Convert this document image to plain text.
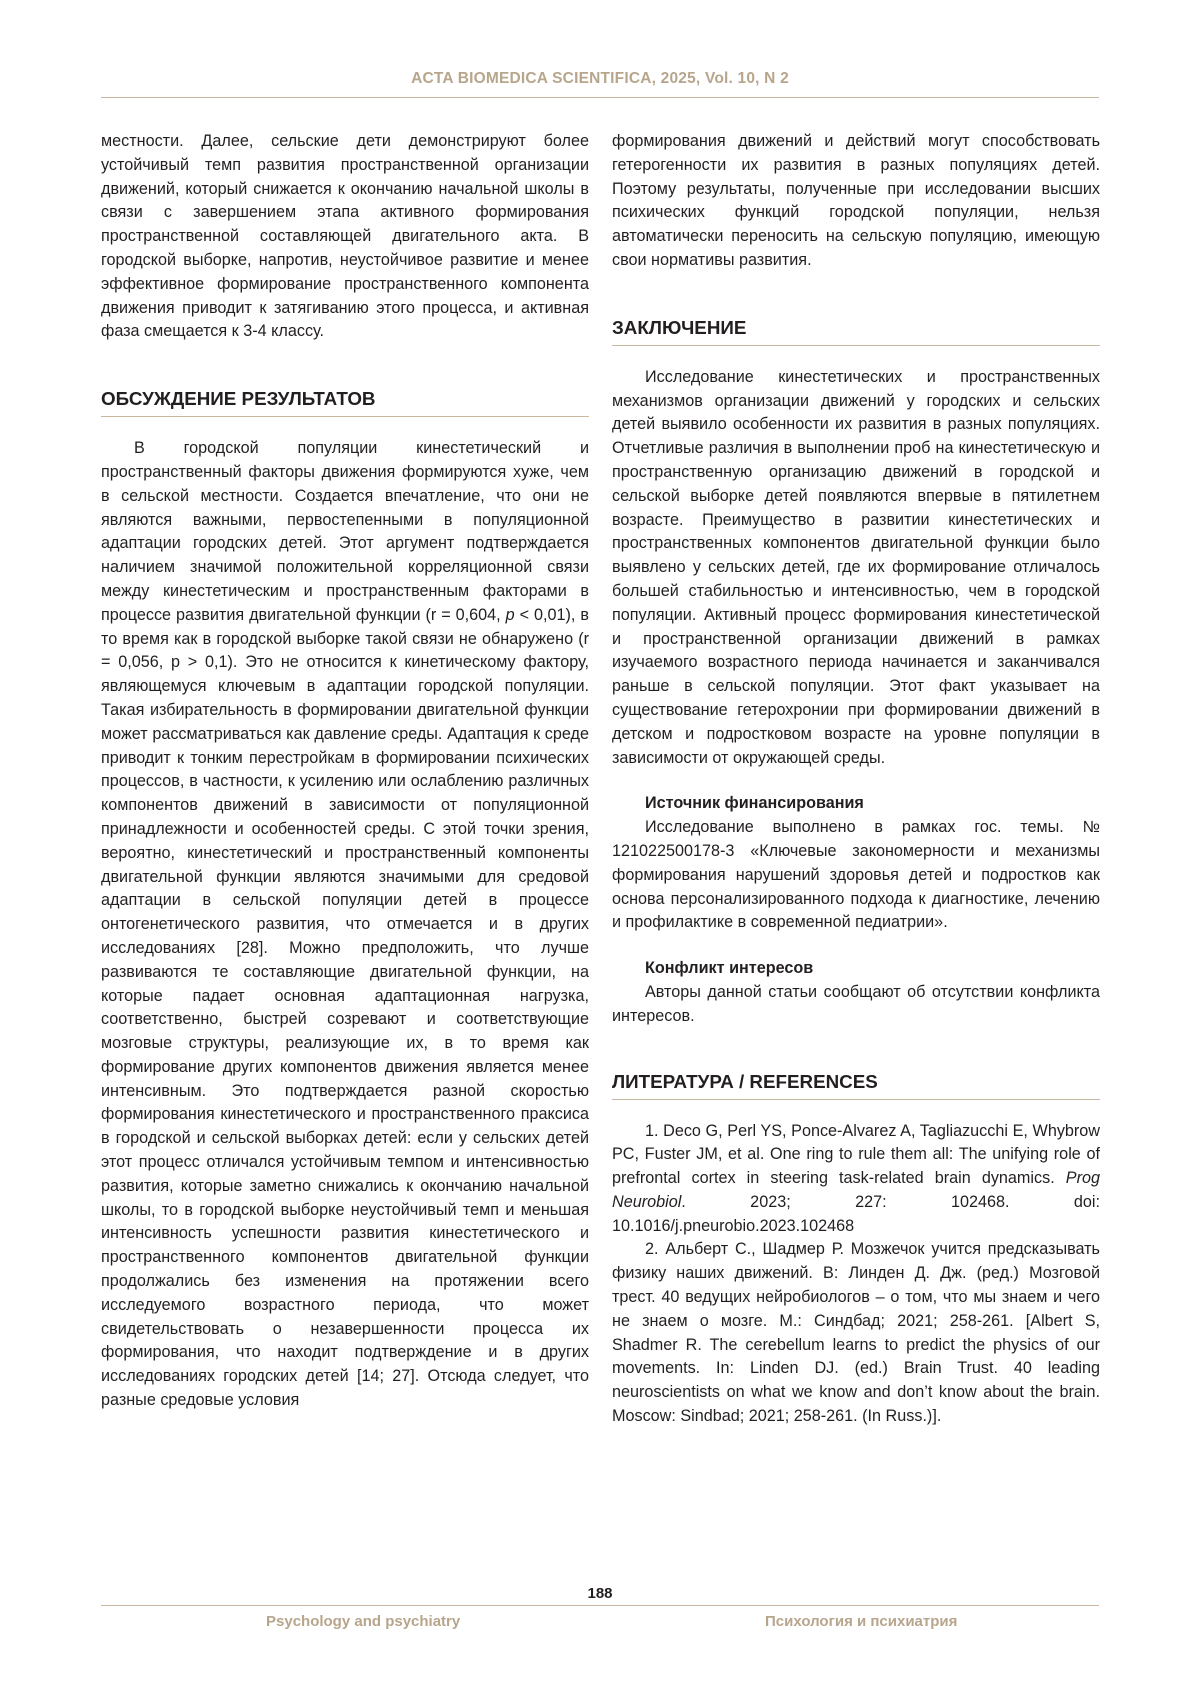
ACTA BIOMEDICA SCIENTIFICA, 2025, Vol. 10, N 2

местности. Далее, сельские дети демонстрируют более устойчивый темп развития пространственной организации движений, который снижается к окончанию начальной школы в связи с завершением этапа активного формирования пространственной составляющей двигательного акта. В городской выборке, напротив, неустойчивое развитие и менее эффективное формирование пространственного компонента движения приводит к затягиванию этого процесса, и активная фаза смещается к 3-4 классу.

ОБСУЖДЕНИЕ РЕЗУЛЬТАТОВ

В городской популяции кинестетический и пространственный факторы движения формируются хуже, чем в сельской местности. Создается впечатление, что они не являются важными, первостепенными в популяционной адаптации городских детей. Этот аргумент подтверждается наличием значимой положительной корреляционной связи между кинестетическим и пространственным факторами в процессе развития двигательной функции (r = 0,604, p < 0,01), в то время как в городской выборке такой связи не обнаружено (r = 0,056, p > 0,1). Это не относится к кинетическому фактору, являющемуся ключевым в адаптации городской популяции. Такая избирательность в формировании двигательной функции может рассматриваться как давление среды. Адаптация к среде приводит к тонким перестройкам в формировании психических процессов, в частности, к усилению или ослаблению различных компонентов движений в зависимости от популяционной принадлежности и особенностей среды. С этой точки зрения, вероятно, кинестетический и пространственный компоненты двигательной функции являются значимыми для средовой адаптации в сельской популяции детей в процессе онтогенетического развития, что отмечается и в других исследованиях [28]. Можно предположить, что лучше развиваются те составляющие двигательной функции, на которые падает основная адаптационная нагрузка, соответственно, быстрей созревают и соответствующие мозговые структуры, реализующие их, в то время как формирование других компонентов движения является менее интенсивным. Это подтверждается разной скоростью формирования кинестетического и пространственного праксиса в городской и сельской выборках детей: если у сельских детей этот процесс отличался устойчивым темпом и интенсивностью развития, которые заметно снижались к окончанию начальной школы, то в городской выборке неустойчивый темп и меньшая интенсивность успешности развития кинестетического и пространственного компонентов двигательной функции продолжались без изменения на протяжении всего исследуемого возрастного периода, что может свидетельствовать о незавершенности процесса их формирования, что находит подтверждение и в других исследованиях городских детей [14; 27]. Отсюда следует, что разные средовые условия

формирования движений и действий могут способствовать гетерогенности их развития в разных популяциях детей. Поэтому результаты, полученные при исследовании высших психических функций городской популяции, нельзя автоматически переносить на сельскую популяцию, имеющую свои нормативы развития.

ЗАКЛЮЧЕНИЕ

Исследование кинестетических и пространственных механизмов организации движений у городских и сельских детей выявило особенности их развития в разных популяциях. Отчетливые различия в выполнении проб на кинестетическую и пространственную организацию движений в городской и сельской выборке детей появляются впервые в пятилетнем возрасте. Преимущество в развитии кинестетических и пространственных компонентов двигательной функции было выявлено у сельских детей, где их формирование отличалось большей стабильностью и интенсивностью, чем в городской популяции. Активный процесс формирования кинестетической и пространственной организации движений в рамках изучаемого возрастного периода начинается и заканчивался раньше в сельской популяции. Этот факт указывает на существование гетерохронии при формировании движений в детском и подростковом возрасте на уровне популяции в зависимости от окружающей среды.

Источник финансирования

Исследование выполнено в рамках гос. темы. № 121022500178-3 «Ключевые закономерности и механизмы формирования нарушений здоровья детей и подростков как основа персонализированного подхода к диагностике, лечению и профилактике в современной педиатрии».

Конфликт интересов

Авторы данной статьи сообщают об отсутствии конфликта интересов.

ЛИТЕРАТУРА / REFERENCES

1. Deco G, Perl YS, Ponce-Alvarez A, Tagliazucchi E, Whybrow PC, Fuster JM, et al. One ring to rule them all: The unifying role of prefrontal cortex in steering task-related brain dynamics. Prog Neurobiol. 2023; 227: 102468. doi: 10.1016/j.pneurobio.2023.102468

2. Альберт С., Шадмер Р. Мозжечок учится предсказывать физику наших движений. В: Линден Д. Дж. (ред.) Мозговой трест. 40 ведущих нейробиологов – о том, что мы знаем и чего не знаем о мозге. М.: Синдбад; 2021; 258-261. [Albert S, Shadmer R. The cerebellum learns to predict the physics of our movements. In: Linden DJ. (ed.) Brain Trust. 40 leading neuroscientists on what we know and don’t know about the brain. Moscow: Sindbad; 2021; 258-261. (In Russ.)].

188
Psychology and psychiatry	Психология и психиатрия
